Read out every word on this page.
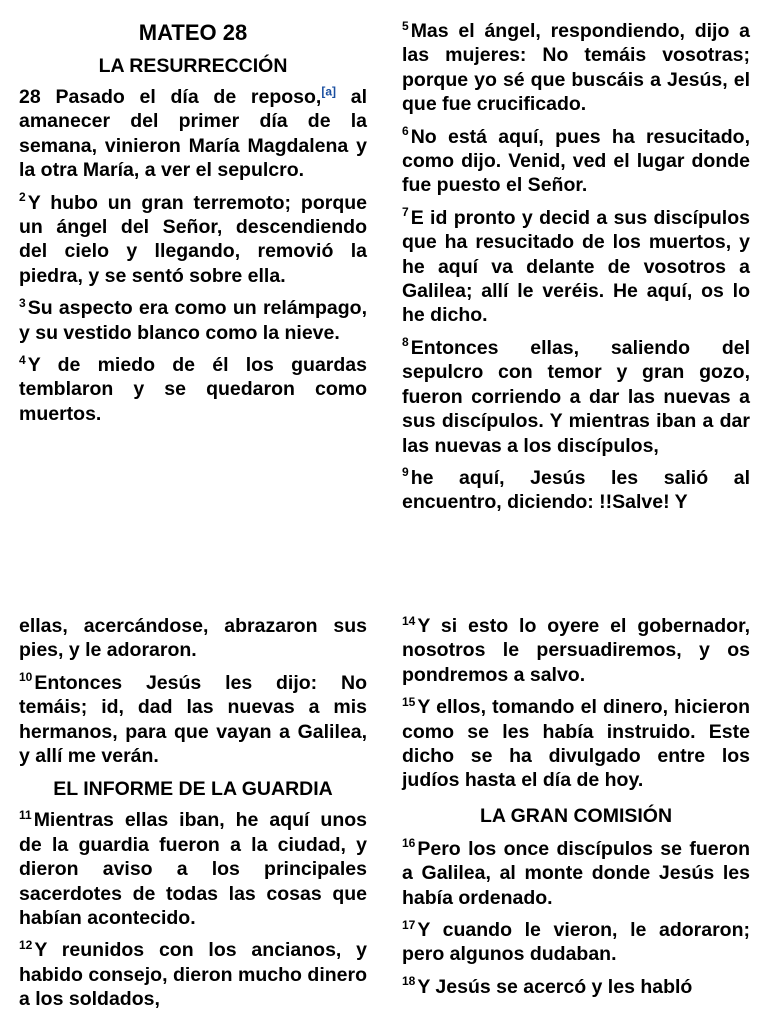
MATEO 28
LA RESURRECCIÓN

28 Pasado el día de reposo,[a] al amanecer del primer día de la semana, vinieron María Magdalena y la otra María, a ver el sepulcro.

$^2$ Y hubo un gran terremoto; porque un ángel del Señor, descendiendo del cielo y llegando, removió la piedra, y se sentó sobre ella.

$^3$ Su aspecto era como un relámpago, y su vestido blanco como la nieve.

$^4$ Y de miedo de él los guardas temblaron y se quedaron como muertos.

$^5$ Mas el ángel, respondiendo, dijo a las mujeres: No temáis vosotras; porque yo sé que buscáis a Jesús, el que fue crucificado.

$^6$ No está aquí, pues ha resucitado, como dijo. Venid, ved el lugar donde fue puesto el Señor.

$^7$ E id pronto y decid a sus discípulos que ha resucitado de los muertos, y he aquí va delante de vosotros a Galilea; allí le veréis. He aquí, os lo he dicho.

$^8$ Entonces ellas, saliendo del sepulcro con temor y gran gozo, fueron corriendo a dar las nuevas a sus discípulos. Y mientras iban a dar las nuevas a los discípulos,

$^9$ he aquí, Jesús les salió al encuentro, diciendo: !!Salve! Y

ellas, acercándose, abrazaron sus pies, y le adoraron.

$^{10}$ Entonces Jesús les dijo: No temáis; id, dad las nuevas a mis hermanos, para que vayan a Galilea, y allí me verán.

EL INFORME DE LA GUARDIA

$^{11}$ Mientras ellas iban, he aquí unos de la guardia fueron a la ciudad, y dieron aviso a los principales sacerdotes de todas las cosas que habían acontecido.

$^{12}$ Y reunidos con los ancianos, y habido consejo, dieron mucho dinero a los soldados,

$^{14}$ Y si esto lo oyere el gobernador, nosotros le persuadiremos, y os pondremos a salvo.

$^{15}$ Y ellos, tomando el dinero, hicieron como se les había instruido. Este dicho se ha divulgado entre los judíos hasta el día de hoy.

LA GRAN COMISIÓN

$^{16}$ Pero los once discípulos se fueron a Galilea, al monte donde Jesús les había ordenado.

$^{17}$ Y cuando le vieron, le adoraron; pero algunos dudaban.

$^{18}$ Y Jesús se acercó y les habló
